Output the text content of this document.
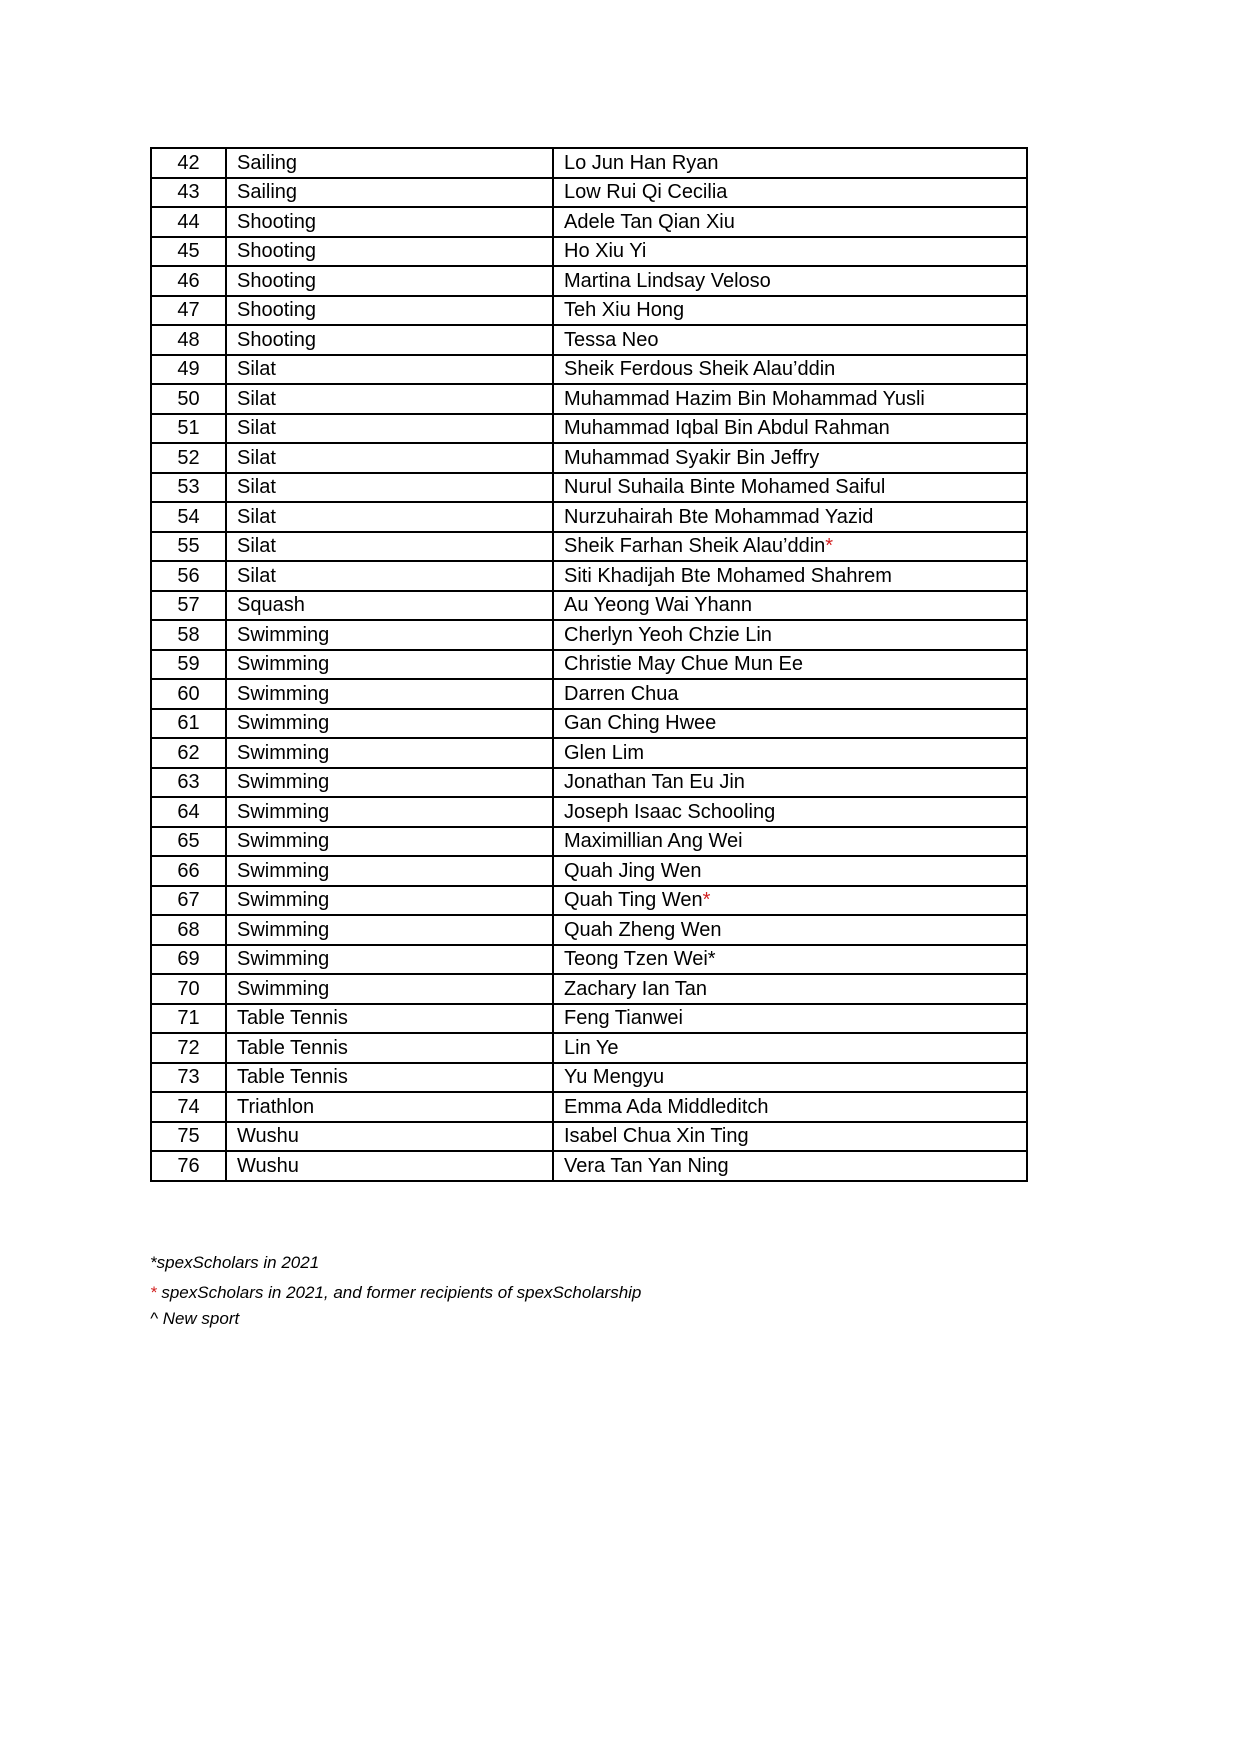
42	Sailing	Lo Jun Han Ryan
43	Sailing	Low Rui Qi Cecilia
44	Shooting	Adele Tan Qian Xiu
45	Shooting	Ho Xiu Yi
46	Shooting	Martina Lindsay Veloso
47	Shooting	Teh Xiu Hong
48	Shooting	Tessa Neo
49	Silat	Sheik Ferdous Sheik Alau’ddin
50	Silat	Muhammad Hazim Bin Mohammad Yusli
51	Silat	Muhammad Iqbal Bin Abdul Rahman
52	Silat	Muhammad Syakir Bin Jeffry
53	Silat	Nurul Suhaila Binte Mohamed Saiful
54	Silat	Nurzuhairah Bte Mohammad Yazid
55	Silat	Sheik Farhan Sheik Alau’ddin*
56	Silat	Siti Khadijah Bte Mohamed Shahrem
57	Squash	Au Yeong Wai Yhann
58	Swimming	Cherlyn Yeoh Chzie Lin
59	Swimming	Christie May Chue Mun Ee
60	Swimming	Darren Chua
61	Swimming	Gan Ching Hwee
62	Swimming	Glen Lim
63	Swimming	Jonathan Tan Eu Jin
64	Swimming	Joseph Isaac Schooling
65	Swimming	Maximillian Ang Wei
66	Swimming	Quah Jing Wen
67	Swimming	Quah Ting Wen*
68	Swimming	Quah Zheng Wen
69	Swimming	Teong Tzen Wei*
70	Swimming	Zachary Ian Tan
71	Table Tennis	Feng Tianwei
72	Table Tennis	Lin Ye
73	Table Tennis	Yu Mengyu
74	Triathlon	Emma Ada Middleditch
75	Wushu	Isabel Chua Xin Ting
76	Wushu	Vera Tan Yan Ning

*spexScholars in 2021

* spexScholars in 2021, and former recipients of spexScholarship

^ New sport
